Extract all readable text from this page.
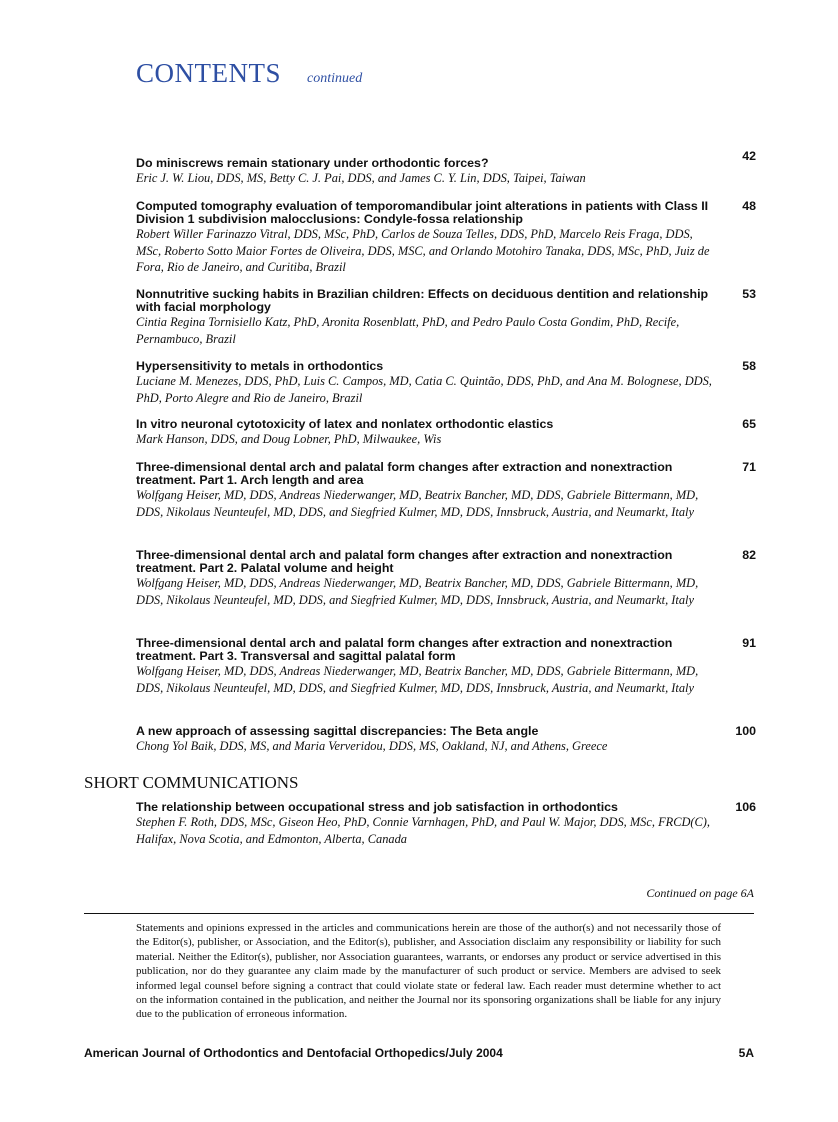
CONTENTS continued
Do miniscrews remain stationary under orthodontic forces?
Eric J. W. Liou, DDS, MS, Betty C. J. Pai, DDS, and James C. Y. Lin, DDS, Taipei, Taiwan
42
Computed tomography evaluation of temporomandibular joint alterations in patients with Class II Division 1 subdivision malocclusions: Condyle-fossa relationship
Robert Willer Farinazzo Vitral, DDS, MSc, PhD, Carlos de Souza Telles, DDS, PhD, Marcelo Reis Fraga, DDS, MSc, Roberto Sotto Maior Fortes de Oliveira, DDS, MSC, and Orlando Motohiro Tanaka, DDS, MSc, PhD, Juiz de Fora, Rio de Janeiro, and Curitiba, Brazil
48
Nonnutritive sucking habits in Brazilian children: Effects on deciduous dentition and relationship with facial morphology
Cintia Regina Tornisiello Katz, PhD, Aronita Rosenblatt, PhD, and Pedro Paulo Costa Gondim, PhD, Recife, Pernambuco, Brazil
53
Hypersensitivity to metals in orthodontics
Luciane M. Menezes, DDS, PhD, Luis C. Campos, MD, Catia C. Quintão, DDS, PhD, and Ana M. Bolognese, DDS, PhD, Porto Alegre and Rio de Janeiro, Brazil
58
In vitro neuronal cytotoxicity of latex and nonlatex orthodontic elastics
Mark Hanson, DDS, and Doug Lobner, PhD, Milwaukee, Wis
65
Three-dimensional dental arch and palatal form changes after extraction and nonextraction treatment. Part 1. Arch length and area
Wolfgang Heiser, MD, DDS, Andreas Niederwanger, MD, Beatrix Bancher, MD, DDS, Gabriele Bittermann, MD, DDS, Nikolaus Neunteufel, MD, DDS, and Siegfried Kulmer, MD, DDS, Innsbruck, Austria, and Neumarkt, Italy
71
Three-dimensional dental arch and palatal form changes after extraction and nonextraction treatment. Part 2. Palatal volume and height
Wolfgang Heiser, MD, DDS, Andreas Niederwanger, MD, Beatrix Bancher, MD, DDS, Gabriele Bittermann, MD, DDS, Nikolaus Neunteufel, MD, DDS, and Siegfried Kulmer, MD, DDS, Innsbruck, Austria, and Neumarkt, Italy
82
Three-dimensional dental arch and palatal form changes after extraction and nonextraction treatment. Part 3. Transversal and sagittal palatal form
Wolfgang Heiser, MD, DDS, Andreas Niederwanger, MD, Beatrix Bancher, MD, DDS, Gabriele Bittermann, MD, DDS, Nikolaus Neunteufel, MD, DDS, and Siegfried Kulmer, MD, DDS, Innsbruck, Austria, and Neumarkt, Italy
91
A new approach of assessing sagittal discrepancies: The Beta angle
Chong Yol Baik, DDS, MS, and Maria Ververidou, DDS, MS, Oakland, NJ, and Athens, Greece
100
The relationship between occupational stress and job satisfaction in orthodontics
Stephen F. Roth, DDS, MSc, Giseon Heo, PhD, Connie Varnhagen, PhD, and Paul W. Major, DDS, MSc, FRCD(C), Halifax, Nova Scotia, and Edmonton, Alberta, Canada
106
SHORT COMMUNICATIONS
Continued on page 6A
Statements and opinions expressed in the articles and communications herein are those of the author(s) and not necessarily those of the Editor(s), publisher, or Association, and the Editor(s), publisher, and Association disclaim any responsibility or liability for such material. Neither the Editor(s), publisher, nor Association guarantees, warrants, or endorses any product or service advertised in this publication, nor do they guarantee any claim made by the manufacturer of such product or service. Members are advised to seek informed legal counsel before signing a contract that could violate state or federal law. Each reader must determine whether to act on the information contained in the publication, and neither the Journal nor its sponsoring organizations shall be liable for any injury due to the publication of erroneous information.
American Journal of Orthodontics and Dentofacial Orthopedics/July 2004	5A
